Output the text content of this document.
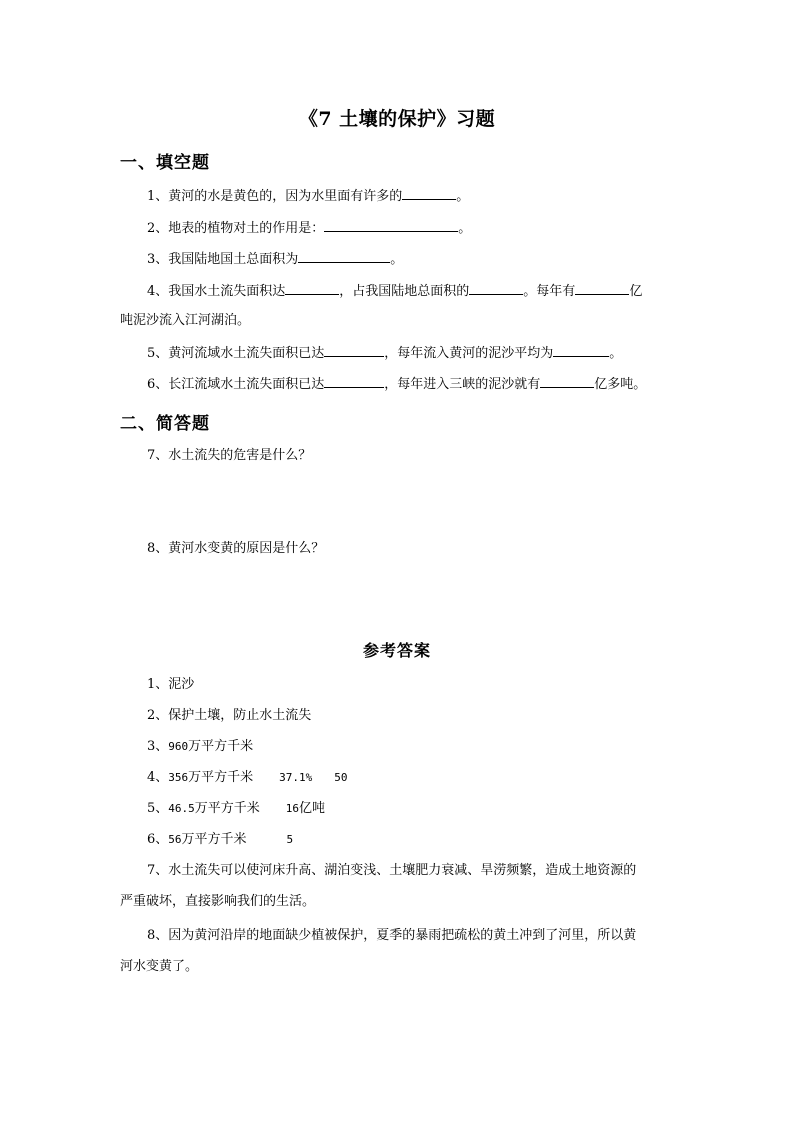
《7 土壤的保护》习题
一、填空题
1、黄河的水是黄色的，因为水里面有许多的	。
2、地表的植物对土的作用是：	。
3、我国陆地国土总面积为	。
4、我国水土流失面积达	，占我国陆地总面积的	。每年有	亿
吨泥沙流入江河湖泊。
5、黄河流域水土流失面积已达	，每年流入黄河的泥沙平均为	。
6、长江流域水土流失面积已达	，每年进入三峡的泥沙就有	亿多吨。
二、简答题
7、水土流失的危害是什么？
8、黄河水变黄的原因是什么？
参考答案
1、泥沙
2、保护土壤，防止水土流失
3、960万平方千米
4、356万平方千米 37.1% 50
5、46.5万平方千米 16亿吨
6、56万平方千米	5
7、水土流失可以使河床升高、湖泊变浅、土壤肥力衰减、旱涝频繁，造成土地资源的
严重破坏，直接影响我们的生活。
8、因为黄河沿岸的地面缺少植被保护，夏季的暴雨把疏松的黄土冲到了河里，所以黄
河水变黄了。
